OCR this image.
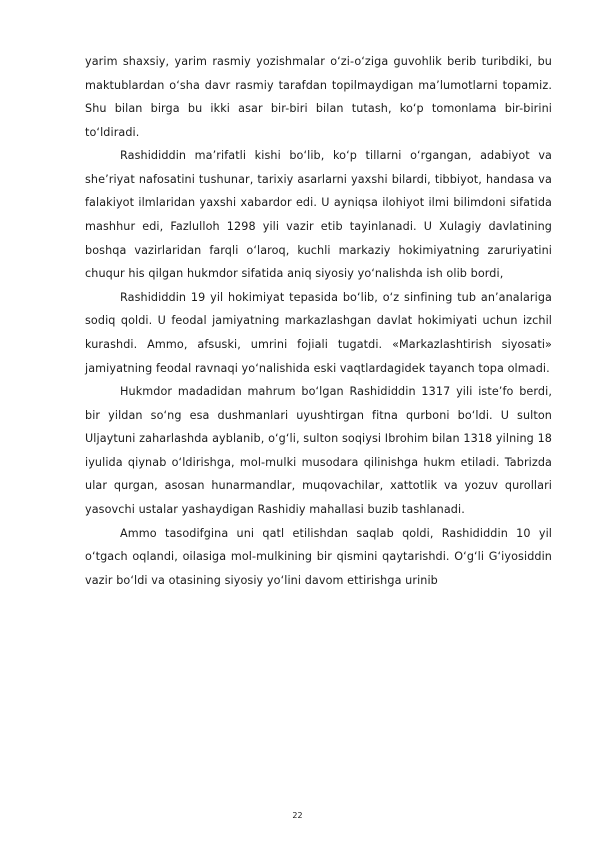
yarim shaxsiy, yarim rasmiy yozishmalar o‘zi-o‘ziga guvohlik berib turibdiki, bu maktublardan o‘sha davr rasmiy tarafdan topilmaydigan ma’lumotlarni topamiz. Shu bilan birga bu ikki asar bir-biri bilan tutash, ko‘p tomonlama bir-birini to‘ldiradi.

Rashididdin ma’rifatli kishi bo‘lib, ko‘p tillarni o‘rgangan, adabiyot va she’riyat nafosatini tushunar, tarixiy asarlarni yaxshi bilardi, tibbiyot, handasa va falakiyot ilmlaridan yaxshi xabardor edi. U ayniqsa ilohiyot ilmi bilimdoni sifatida mashhur edi, Fazlulloh 1298 yili vazir etib tayinlanadi. U Xulagiy davlatining boshqa vazirlaridan farqli o‘laroq, kuchli markaziy hokimiyatning zaruriyatini chuqur his qilgan hukmdor sifatida aniq siyosiy yo‘nalishda ish olib bordi,

Rashididdin 19 yil hokimiyat tepasida bo‘lib, o‘z sinfining tub an’analariga sodiq qoldi. U feodal jamiyatning markazlashgan davlat hokimiyati uchun izchil kurashdi. Ammo, afsuski, umrini fojiali tugatdi. «Markazlashtirish siyosati» jamiyatning feodal ravnaqi yo‘nalishida eski vaqtlardagidek tayanch topa olmadi.

Hukmdor madadidan mahrum bo‘lgan Rashididdin 1317 yili iste’fo berdi, bir yildan so‘ng esa dushmanlari uyushtirgan fitna qurboni bo‘ldi. U sulton Uljaytuni zaharlashda ayblanib, o‘g‘li, sulton soqiysi Ibrohim bilan 1318 yilning 18 iyulida qiynab o‘ldirishga, mol-mulki musodara qilinishga hukm etiladi. Tabrizda ular qurgan, asosan hunarmandlar, muqovachilar, xattotlik va yozuv qurollari yasovchi ustalar yashaydigan Rashidiy mahallasi buzib tashlanadi.

Ammo tasodifgina uni qatl etilishdan saqlab qoldi, Rashididdin 10 yil o‘tgach oqlandi, oilasiga mol-mulkining bir qismini qaytarishdi. O‘g‘li G‘iyosiddin vazir bo‘ldi va otasining siyosiy yo‘lini davom ettirishga urinib

22
